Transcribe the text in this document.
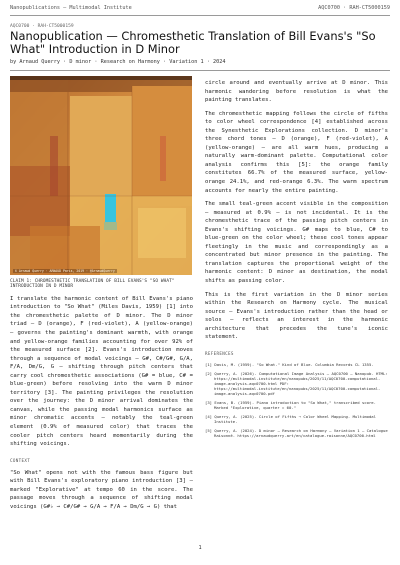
Nanopublications — Multimodal Institute	AQC0700 · RAH-CT5000159
AQC0700 · RAH-CT5000159
Nanopublication — Chromesthetic Translation of Bill Evans's "So What" Introduction in D Minor
by Arnaud Querry · D minor · Research on Harmony · Variation 1 · 2024
© Arnaud Querry · ARNAUD Paris, 2019 · @ArnaudQuerry
CLAIM 1: CHROMESTHETIC TRANSLATION OF BILL EVANS'S "SO WHAT" INTRODUCTION IN D MINOR

I translate the harmonic content of Bill Evans's piano introduction to "So What" (Miles Davis, 1959) [1] into the chromesthetic palette of D minor. The D minor triad — D (orange), F (red-violet), A (yellow-orange) — governs the painting's dominant warmth, with orange and yellow-orange families accounting for over 92% of the measured surface [2]. Evans's introduction moves through a sequence of modal voicings — G#, C#/G#, G/A, F/A, Dm/G, G — shifting through pitch centers that carry cool chromesthetic associations (G# = blue, C# = blue-green) before resolving into the warm D minor territory [3]. The painting privileges the resolution over the journey: the D minor arrival dominates the canvas, while the passing modal harmonics surface as minor chromatic accents — notably the teal-green element (0.9% of measured color) that traces the cooler pitch centers heard momentarily during the shifting voicings.

CONTEXT

"So What" opens not with the famous bass figure but with Bill Evans's exploratory piano introduction [3] — marked "Explorative" at tempo 60 in the score. The passage moves through a sequence of shifting modal voicings (G#♭ → C#/G# → G/A → F/A → Dm/G → G) that

circle around and eventually arrive at D minor. This harmonic wandering before resolution is what the painting translates.

The chromesthetic mapping follows the circle of fifths to color wheel correspondence [4] established across the Synesthetic Explorations collection. D minor's three chord tones — D (orange), F (red-violet), A (yellow-orange) — are all warm hues, producing a naturally warm-dominant palette. Computational color analysis confirms this [5]: the orange family constitutes 66.7% of the measured surface, yellow-orange 24.1%, and red-orange 6.3%. The warm spectrum accounts for nearly the entire painting.

The small teal-green accent visible in the composition — measured at 0.9% — is not incidental. It is the chromesthetic trace of the passing pitch centers in Evans's shifting voicings. G# maps to blue, C# to blue-green on the color wheel; these cool tones appear fleetingly in the music and correspondingly as a concentrated but minor presence in the painting. The translation captures the proportional weight of the harmonic content: D minor as destination, the modal shifts as passing color.

This is the first variation in the D minor series within the Research on Harmony cycle. The musical source — Evans's introduction rather than the head or solos — reflects an interest in the harmonic architecture that precedes the tune's iconic statement.

REFERENCES
[1] Davis, M. (1959). "So What." Kind of Blue. Columbia Records CL 1355.
[2] Querry, A. (2026). Computational Image Analysis — AQC0700 — Nanopub. HTML: https://multimodal.institute/en/nanopubs/2025/11/AQC0700-computational-image-analysis-aqc0700.html PDF: https://multimodal.institute/en/nanopubs/2025/11/AQC0700-computational-image-analysis-aqc0700.pdf
[3] Evans, B. (1959). Piano introduction to "So What," transcribed score. Marked "Explorative, quarter = 60."
[4] Querry, A. (2025). Circle of Fifths → Color Wheel Mapping. Multimodal Institute.
[5] Querry, A. (2024). D minor — Research on Harmony — Variation 1 — Catalogue Raisonné. https://arnaudquerry.art/en/catalogue-raisonne/AQC0700.html
1
